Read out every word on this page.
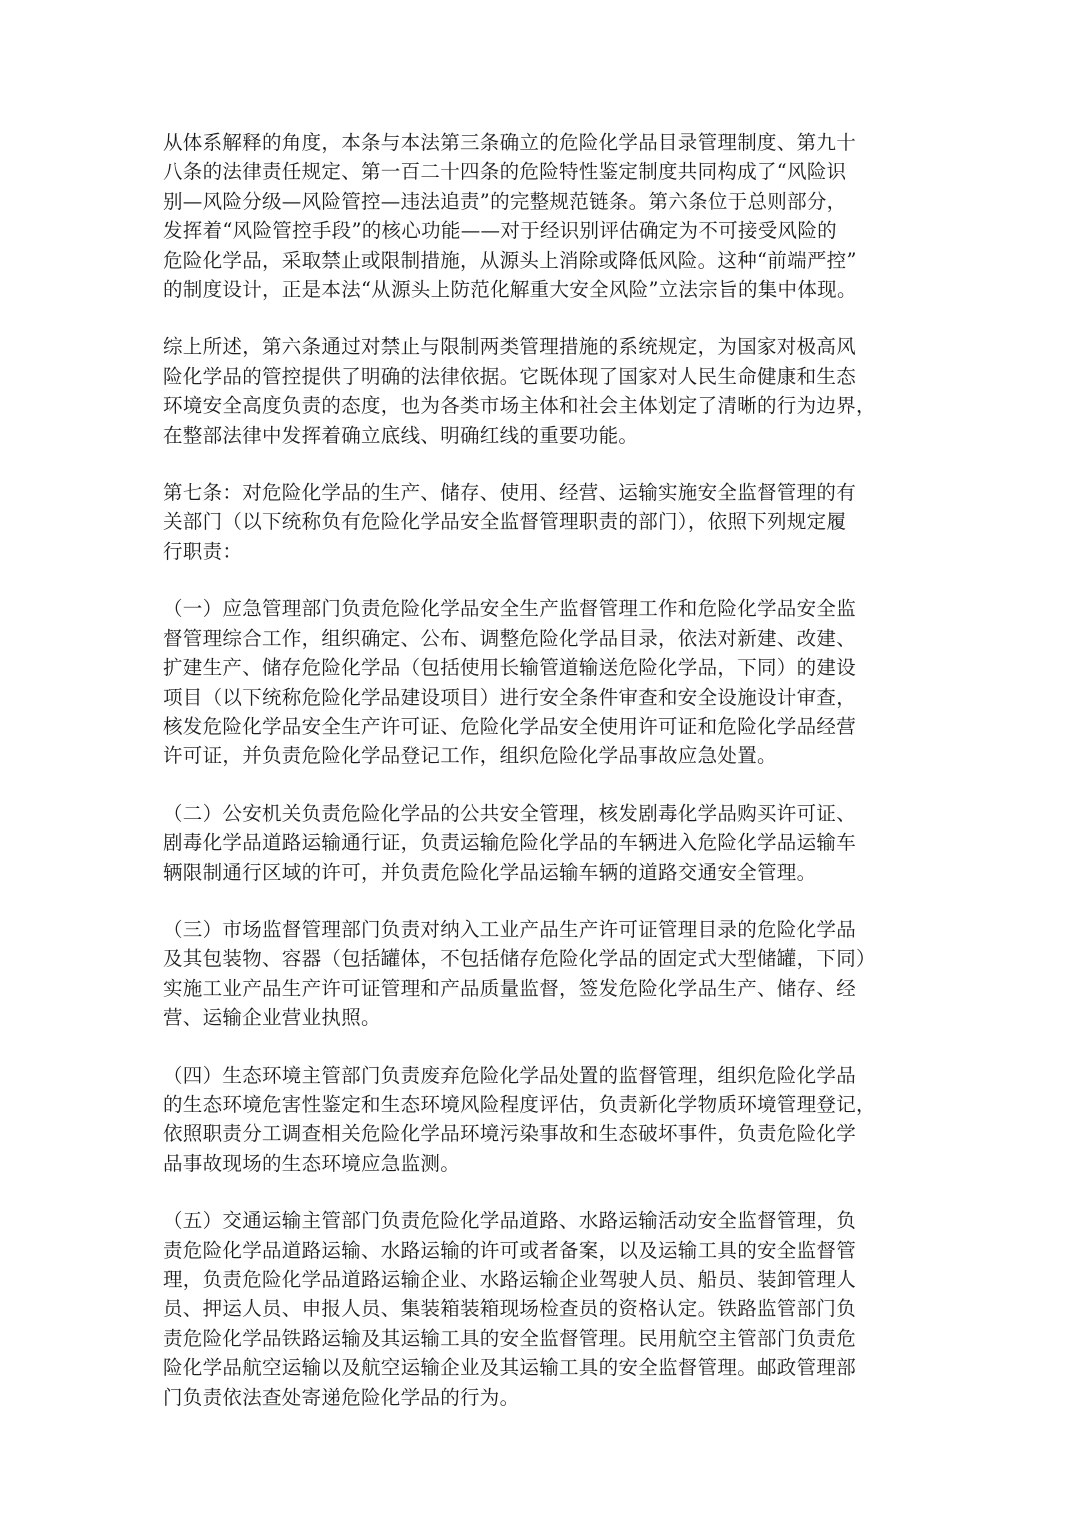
从体系解释的角度，本条与本法第三条确立的危险化学品目录管理制度、第九十
八条的法律责任规定、第一百二十四条的危险特性鉴定制度共同构成了“风险识
别—风险分级—风险管控—违法追责”的完整规范链条。第六条位于总则部分，
发挥着“风险管控手段”的核心功能——对于经识别评估确定为不可接受风险的
危险化学品，采取禁止或限制措施，从源头上消除或降低风险。这种“前端严控”
的制度设计，正是本法“从源头上防范化解重大安全风险”立法宗旨的集中体现。

综上所述，第六条通过对禁止与限制两类管理措施的系统规定，为国家对极高风
险化学品的管控提供了明确的法律依据。它既体现了国家对人民生命健康和生态
环境安全高度负责的态度，也为各类市场主体和社会主体划定了清晰的行为边界，
在整部法律中发挥着确立底线、明确红线的重要功能。

第七条：对危险化学品的生产、储存、使用、经营、运输实施安全监督管理的有
关部门（以下统称负有危险化学品安全监督管理职责的部门），依照下列规定履
行职责：

（一）应急管理部门负责危险化学品安全生产监督管理工作和危险化学品安全监
督管理综合工作，组织确定、公布、调整危险化学品目录，依法对新建、改建、
扩建生产、储存危险化学品（包括使用长输管道输送危险化学品，下同）的建设
项目（以下统称危险化学品建设项目）进行安全条件审查和安全设施设计审查，
核发危险化学品安全生产许可证、危险化学品安全使用许可证和危险化学品经营
许可证，并负责危险化学品登记工作，组织危险化学品事故应急处置。

（二）公安机关负责危险化学品的公共安全管理，核发剧毒化学品购买许可证、
剧毒化学品道路运输通行证，负责运输危险化学品的车辆进入危险化学品运输车
辆限制通行区域的许可，并负责危险化学品运输车辆的道路交通安全管理。

（三）市场监督管理部门负责对纳入工业产品生产许可证管理目录的危险化学品
及其包装物、容器（包括罐体，不包括储存危险化学品的固定式大型储罐，下同）
实施工业产品生产许可证管理和产品质量监督，签发危险化学品生产、储存、经
营、运输企业营业执照。

（四）生态环境主管部门负责废弃危险化学品处置的监督管理，组织危险化学品
的生态环境危害性鉴定和生态环境风险程度评估，负责新化学物质环境管理登记，
依照职责分工调查相关危险化学品环境污染事故和生态破坏事件，负责危险化学
品事故现场的生态环境应急监测。

（五）交通运输主管部门负责危险化学品道路、水路运输活动安全监督管理，负
责危险化学品道路运输、水路运输的许可或者备案，以及运输工具的安全监督管
理，负责危险化学品道路运输企业、水路运输企业驾驶人员、船员、装卸管理人
员、押运人员、申报人员、集装箱装箱现场检查员的资格认定。铁路监管部门负
责危险化学品铁路运输及其运输工具的安全监督管理。民用航空主管部门负责危
险化学品航空运输以及航空运输企业及其运输工具的安全监督管理。邮政管理部
门负责依法查处寄递危险化学品的行为。
